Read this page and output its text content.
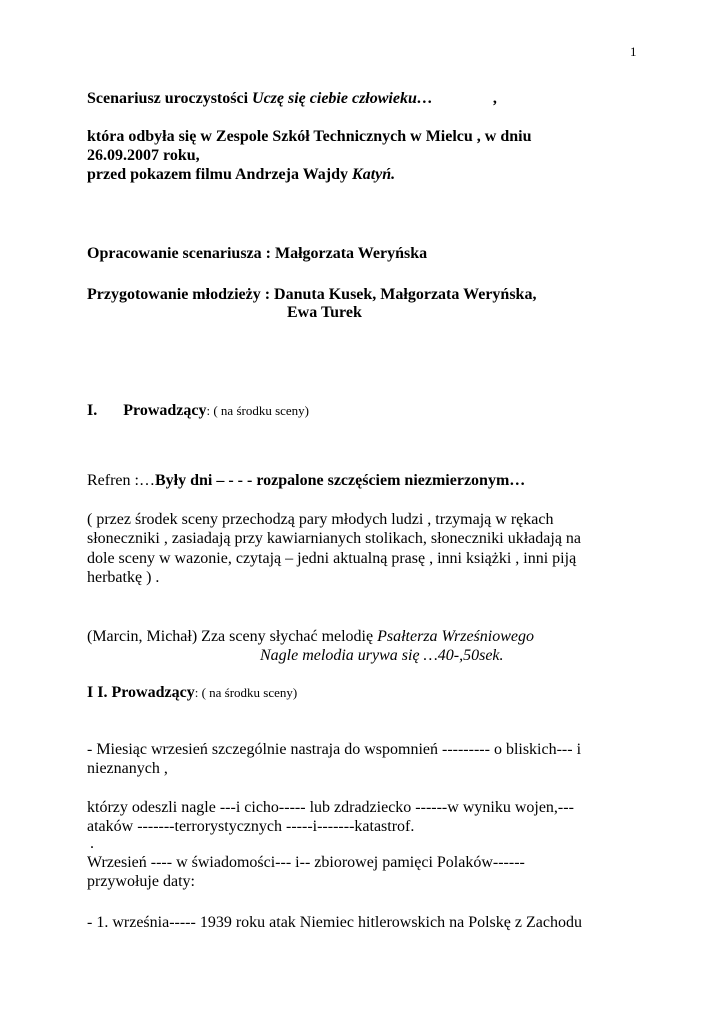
1
Scenariusz uroczystości Uczę się ciebie człowieku…	,
która odbyła się w Zespole Szkół Technicznych w Mielcu , w dniu
26.09.2007 roku,
przed pokazem filmu Andrzeja Wajdy Katyń.
Opracowanie scenariusza : Małgorzata Weryńska
Przygotowanie młodzieży : Danuta Kusek, Małgorzata Weryńska,
Ewa Turek
I. Prowadzący: ( na środku sceny)
Refren :…Były dni – - - - rozpalone szczęściem niezmierzonym…
( przez środek sceny przechodzą pary młodych ludzi , trzymają w rękach
słoneczniki , zasiadają przy kawiarnianych stolikach, słoneczniki układają na
dole sceny w wazonie, czytają – jedni aktualną prasę , inni książki , inni piją
herbatkę ) .
(Marcin, Michał) Zza sceny słychać melodię Psałterza Wrześniowego
Nagle melodia urywa się …40-,50sek.
I I. Prowadzący: ( na środku sceny)
- Miesiąc wrzesień szczególnie nastraja do wspomnień --------- o bliskich--- i
nieznanych ,
którzy odeszli nagle ---i cicho----- lub zdradziecko ------w wyniku wojen,---
ataków -------terrorystycznych -----i-------katastrof.
.
Wrzesień ---- w świadomości--- i-- zbiorowej pamięci Polaków------
przywołuje daty:
- 1. września----- 1939 roku atak Niemiec hitlerowskich na Polskę z Zachodu
